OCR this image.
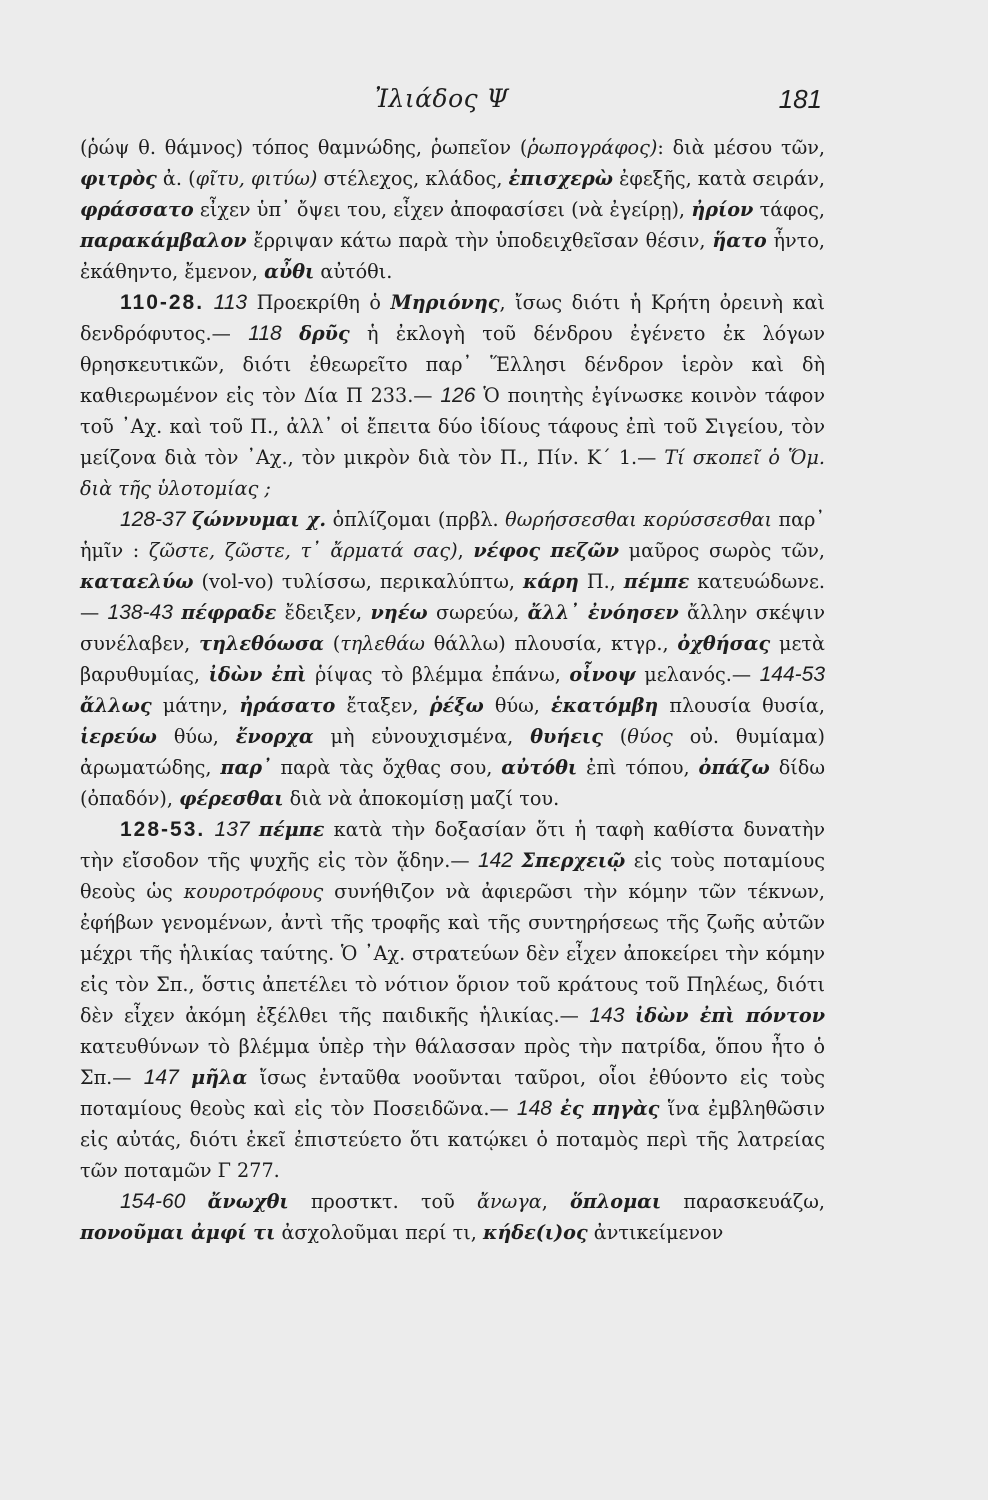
Ἰλιάδος Ψ	181

(ῥώψ θ. θάμνος) τόπος θαμνώδης, ῥωπεῖον (ῥωπογράφος): διὰ μέσου τῶν, φιτρὸς ἀ. (φῖτυ, φιτύω) στέλεχος, κλάδος, ἐπισχερὼ ἐφεξῆς, κατὰ σειράν, φράσσατο εἶχεν ὑπ᾽ ὄψει του, εἶχεν ἀποφασίσει (νὰ ἐγείρῃ), ἠρίον τάφος, παρακάμβαλον ἔρριψαν κάτω παρὰ τὴν ὑποδειχθεῖσαν θέσιν, ἥατο ἧντο, ἐκάθηντο, ἔμενον, αὖθι αὐτόθι.

110-28. 113 Προεκρίθη ὁ Μηριόνης, ἴσως διότι ἡ Κρήτη ὀρεινὴ καὶ δενδρόφυτος.— 118 δρῦς ἡ ἐκλογὴ τοῦ δένδρου ἐγένετο ἐκ λόγων θρησκευτικῶν, διότι ἐθεωρεῖτο παρ᾽ Ἕλλησι δένδρον ἱερὸν καὶ δὴ καθιερωμένον εἰς τὸν Δία Π 233.— 126 Ὁ ποιητὴς ἐγίνωσκε κοινὸν τάφον τοῦ ᾿Αχ. καὶ τοῦ Π., ἀλλ᾽ οἱ ἔπειτα δύο ἰδίους τάφους ἐπὶ τοῦ Σιγείου, τὸν μείζονα διὰ τὸν ᾿Αχ., τὸν μικρὸν διὰ τὸν Π., Πίν. Κ΄ 1.— Τί σκοπεῖ ὁ Ὅμ. διὰ τῆς ὑλοτομίας ;

128-37 ζώννυμαι χ. ὁπλίζομαι (πρβλ. θωρήσσεσθαι κορύσσεσθαι παρ᾽ ἡμῖν : ζῶστε, ζῶστε, τ᾽ ἄρματά σας), νέφος πεζῶν μαῦρος σωρὸς τῶν, καταελύω (vol-vo) τυλίσσω, περικαλύπτω, κάρη Π., πέμπε κατευώδωνε.— 138-43 πέφραδε ἔδειξεν, νηέω σωρεύω, ἄλλ᾽ ἐνόησεν ἄλλην σκέψιν συνέλαβεν, τηλεθόωσα (τηλεθάω θάλλω) πλουσία, κτγρ., ὀχθήσας μετὰ βαρυθυμίας, ἰδὼν ἐπὶ ῥίψας τὸ βλέμμα ἐπάνω, οἶνοψ μελανός.— 144-53 ἄλλως μάτην, ἠράσατο ἔταξεν, ῥέξω θύω, ἑκατόμβη πλουσία θυσία, ἱερεύω θύω, ἔνορχα μὴ εὐνουχισμένα, θυήεις (θύος οὐ. θυμίαμα) ἀρωματώδης, παρ᾽ παρὰ τὰς ὄχθας σου, αὐτόθι ἐπὶ τόπου, ὀπάζω δίδω (ὀπαδόν), φέρεσθαι διὰ νὰ ἀποκομίσῃ μαζί του.

128-53. 137 πέμπε κατὰ τὴν δοξασίαν ὅτι ἡ ταφὴ καθίστα δυνατὴν τὴν εἴσοδον τῆς ψυχῆς εἰς τὸν ᾅδην.— 142 Σπερχειῷ εἰς τοὺς ποταμίους θεοὺς ὡς κουροτρόφους συνήθιζον νὰ ἀφιερῶσι τὴν κόμην τῶν τέκνων, ἐφήβων γενομένων, ἀντὶ τῆς τροφῆς καὶ τῆς συντηρήσεως τῆς ζωῆς αὐτῶν μέχρι τῆς ἡλικίας ταύτης. Ὁ ᾿Αχ. στρατεύων δὲν εἶχεν ἀποκείρει τὴν κόμην εἰς τὸν Σπ., ὅστις ἀπετέλει τὸ νότιον ὅριον τοῦ κράτους τοῦ Πηλέως, διότι δὲν εἶχεν ἀκόμη ἐξέλθει τῆς παιδικῆς ἡλικίας.— 143 ἰδὼν ἐπὶ πόντον κατευθύνων τὸ βλέμμα ὑπὲρ τὴν θάλασσαν πρὸς τὴν πατρίδα, ὅπου ἦτο ὁ Σπ.— 147 μῆλα ἴσως ἐνταῦθα νοοῦνται ταῦροι, οἷοι ἐθύοντο εἰς τοὺς ποταμίους θεοὺς καὶ εἰς τὸν Ποσειδῶνα.— 148 ἐς πηγὰς ἵνα ἐμβληθῶσιν εἰς αὐτάς, διότι ἐκεῖ ἐπιστεύετο ὅτι κατῴκει ὁ ποταμὸς περὶ τῆς λατρείας τῶν ποταμῶν Γ 277.

154-60 ἄνωχθι προστκτ. τοῦ ἄνωγα, ὅπλομαι παρασκευάζω, πονοῦμαι ἀμφί τι ἀσχολοῦμαι περί τι, κήδε(ι)ος ἀντικείμενον
